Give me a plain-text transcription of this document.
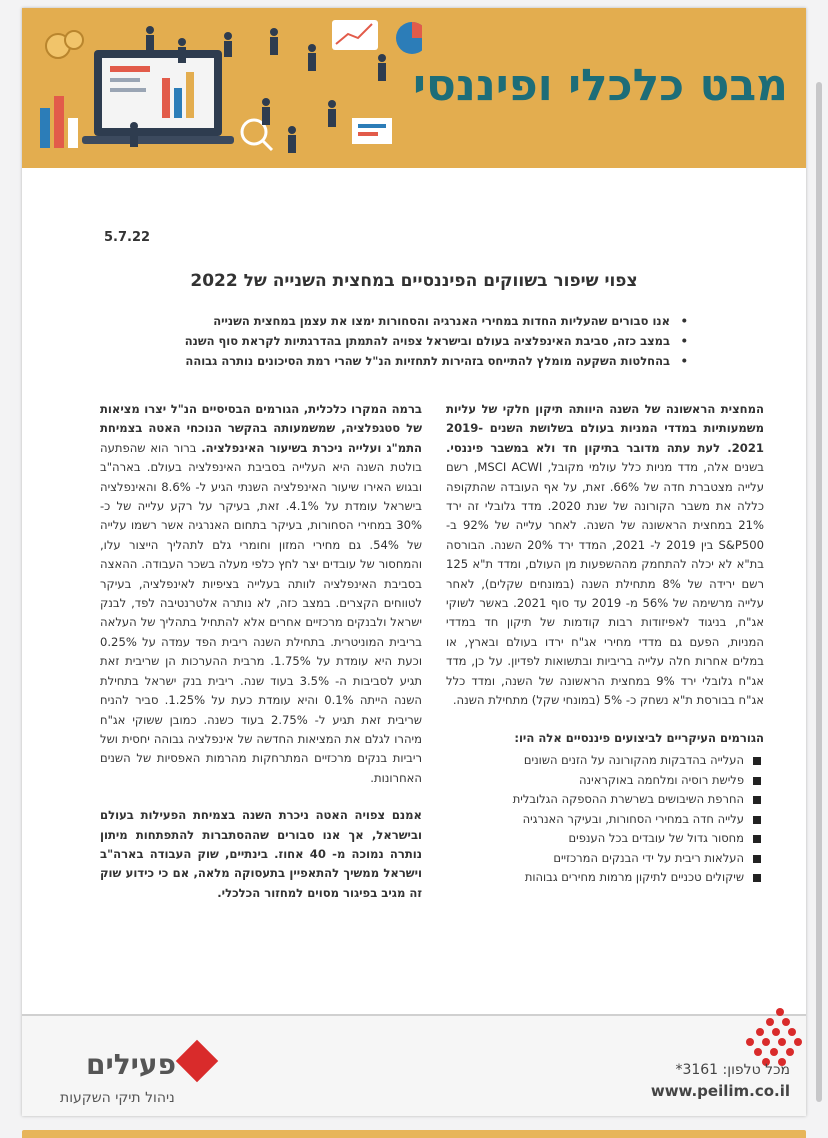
מבט כלכלי ופיננסי
5.7.22
צפוי שיפור בשווקים הפיננסיים במחצית השנייה של 2022
• אנו סבורים שהעליות החדות במחירי האנרגיה והסחורות ימצו את עצמן במחצית השנייה
• במצב כזה, סביבת האינפלציה בעולם ובישראל צפויה להתמתן בהדרגתיות לקראת סוף השנה
• בהחלטות השקעה מומלץ להתייחס בזהירות לתחזיות הנ"ל שהרי רמת הסיכונים נותרה גבוהה

המחצית הראשונה של השנה היוותה תיקון חלקי של עליות משמעותיות במדדי המניות בעולם בשלושת השנים 2019-2021. לעת עתה מדובר בתיקון חד ולא במשבר פיננסי. בשנים אלה, מדד מניות כלל עולמי מקובל, MSCI ACWI, רשם עלייה מצטברת חדה של 66%. זאת, על אף העובדה שהתקופה כללה את משבר הקורונה של שנת 2020. מדד גלובלי זה ירד 21% במחצית הראשונה של השנה. לאחר עלייה של 92% ב- S&P500 בין 2019 ל- 2021, המדד ירד 20% השנה. הבורסה בת"א לא יכלה להתחמק מההשפעות מן העולם, ומדד ת"א 125 רשם ירידה של 8% מתחילת השנה (במונחים שקלים), לאחר עלייה מרשימה של 56% מ- 2019 עד סוף 2021. באשר לשוקי אג"ח, בניגוד לאפיזודות רבות קודמות של תיקון חד במדדי המניות, הפעם גם מדדי מחירי אג"ח ירדו בעולם ובארץ, או במלים אחרות חלה עלייה בריביות ובתשואות לפדיון. על כן, מדד אג"ח גלובלי ירד 9% במחצית הראשונה של השנה, ומדד כלל אג"ח בבורסת ת"א נשחק כ- 5% (במונחי שקל) מתחילת השנה.

הגורמים העיקריים לביצועים פיננסיים אלה היו:
העלייה בהדבקות מהקורונה על הזנים השונים
פלישת רוסיה ומלחמה באוקראינה
החרפת השיבושים בשרשרת ההספקה הגלובלית
עלייה חדה במחירי הסחורות, ובעיקר האנרגיה
מחסור גדול של עובדים בכל הענפים
העלאות ריבית על ידי הבנקים המרכזיים
שיקולים טכניים לתיקון מרמות מחירים גבוהות

ברמה המקרו כלכלית, הגורמים הבסיסיים הנ"ל יצרו מציאות של סטגפלציה, שמשמעותה בהקשר הנוכחי האטה בצמיחת התמ"ג ועלייה ניכרת בשיעור האינפלציה. ברור הוא שהפתעה בולטת השנה היא העלייה בסביבת האינפלציה בעולם. בארה"ב ובגוש האירו שיעור האינפלציה השנתי הגיע ל- 8.6% והאינפלציה בישראל עומדת על 4.1%. זאת, בעיקר על רקע עלייה של כ- 30% במחירי הסחורות, בעיקר בתחום האנרגיה אשר רשמו עלייה של 54%. גם מחירי המזון וחומרי גלם לתהליך הייצור עלו, והמחסור של עובדים יצר לחץ כלפי מעלה בשכר העבודה. ההאצה בסביבת האינפלציה לוותה בעלייה בציפיות לאינפלציה, בעיקר לטווחים הקצרים. במצב כזה, לא נותרה אלטרנטיבה לפד, לבנק ישראל ולבנקים מרכזיים אחרים אלא להתחיל בתהליך של העלאה בריבית המוניטרית. בתחילת השנה ריבית הפד עמדה על 0.25% וכעת היא עומדת על 1.75%. מרבית ההערכות הן שריבית זאת תגיע לסביבות ה- 3.5% בעוד שנה. ריבית בנק ישראל בתחילת השנה הייתה 0.1% והיא עומדת כעת על 1.25%. סביר להניח שריבית זאת תגיע ל- 2.75% בעוד כשנה. כמובן ששוקי אג"ח מיהרו לגלם את המציאות החדשה של אינפלציה גבוהה יחסית ושל ריביות בנקים מרכזיים המתרחקות מהרמות האפסיות של השנים האחרונות.

אמנם צפויה האטה ניכרת השנה בצמיחת הפעילות בעולם ובישראל, אך אנו סבורים שההסתברות להתפתחות מיתון נותרה נמוכה מ- 40 אחוז. בינתיים, שוק העבודה בארה"ב וישראל ממשיך להתאפיין בתעסוקה מלאה, אם כי כידוע שוק זה מגיב בפיגור מסוים למחזור הכלכלי.

פעילים
ניהול תיקי השקעות
מכל טלפון: 3161*
www.peilim.co.il
